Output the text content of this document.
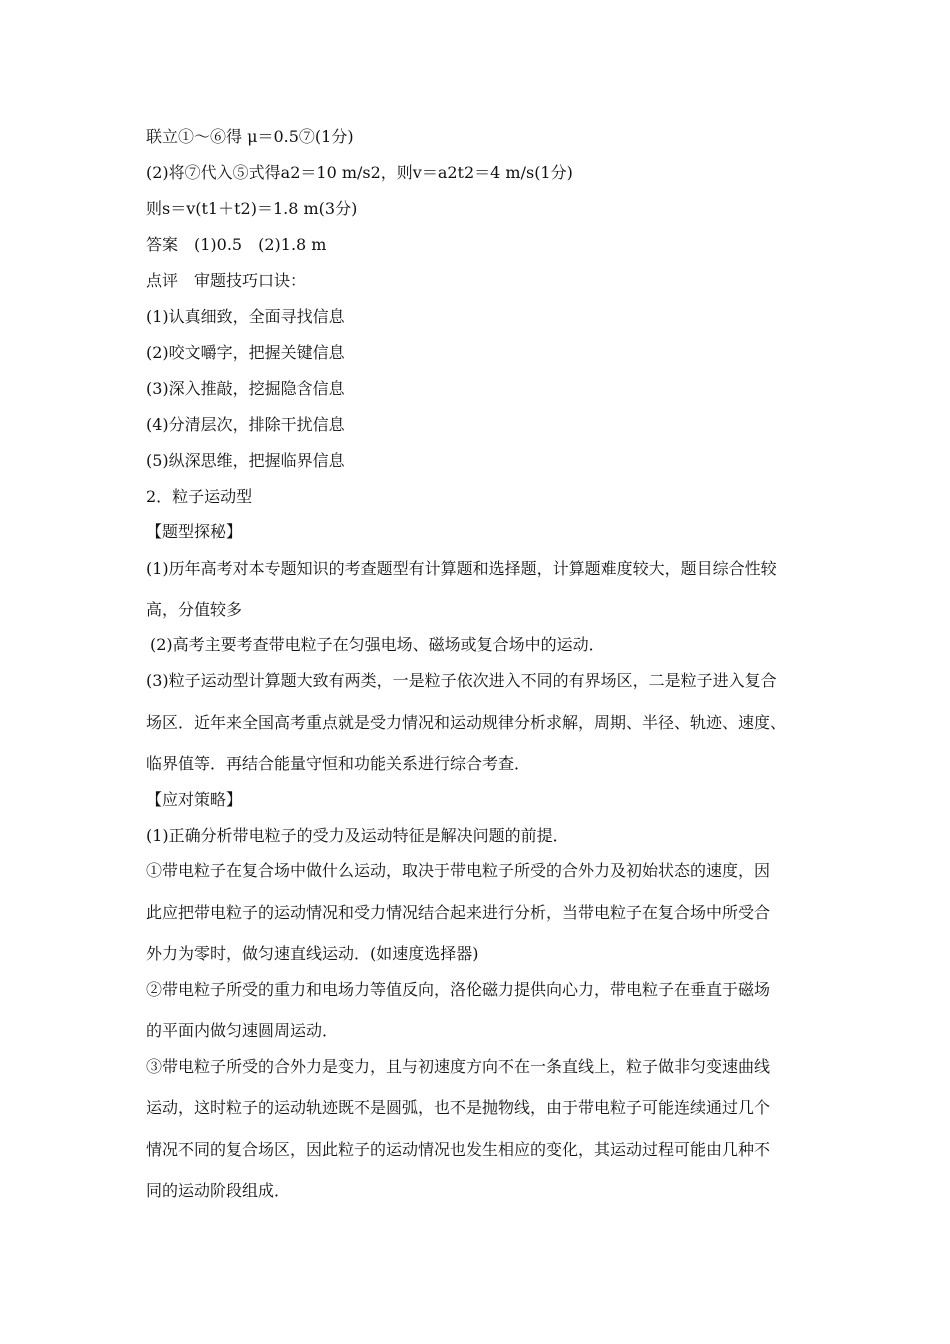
联立①～⑥得 μ＝0.5⑦(1分)
(2)将⑦代入⑤式得a2＝10 m/s2，则v＝a2t2＝4 m/s(1分)
则s＝v(t1＋t2)＝1.8 m(3分)
答案　(1)0.5　(2)1.8 m
点评　审题技巧口诀：
(1)认真细致，全面寻找信息
(2)咬文嚼字，把握关键信息
(3)深入推敲，挖掘隐含信息
(4)分清层次，排除干扰信息
(5)纵深思维，把握临界信息
2．粒子运动型
【题型探秘】
(1)历年高考对本专题知识的考查题型有计算题和选择题，计算题难度较大，题目综合性较
高，分值较多
(2)高考主要考查带电粒子在匀强电场、磁场或复合场中的运动．
(3)粒子运动型计算题大致有两类，一是粒子依次进入不同的有界场区，二是粒子进入复合
场区．近年来全国高考重点就是受力情况和运动规律分析求解，周期、半径、轨迹、速度、
临界值等．再结合能量守恒和功能关系进行综合考查．
【应对策略】
(1)正确分析带电粒子的受力及运动特征是解决问题的前提．
①带电粒子在复合场中做什么运动，取决于带电粒子所受的合外力及初始状态的速度，因
此应把带电粒子的运动情况和受力情况结合起来进行分析，当带电粒子在复合场中所受合
外力为零时，做匀速直线运动．(如速度选择器)
②带电粒子所受的重力和电场力等值反向，洛伦磁力提供向心力，带电粒子在垂直于磁场
的平面内做匀速圆周运动．
③带电粒子所受的合外力是变力，且与初速度方向不在一条直线上，粒子做非匀变速曲线
运动，这时粒子的运动轨迹既不是圆弧，也不是抛物线，由于带电粒子可能连续通过几个
情况不同的复合场区，因此粒子的运动情况也发生相应的变化，其运动过程可能由几种不
同的运动阶段组成．
